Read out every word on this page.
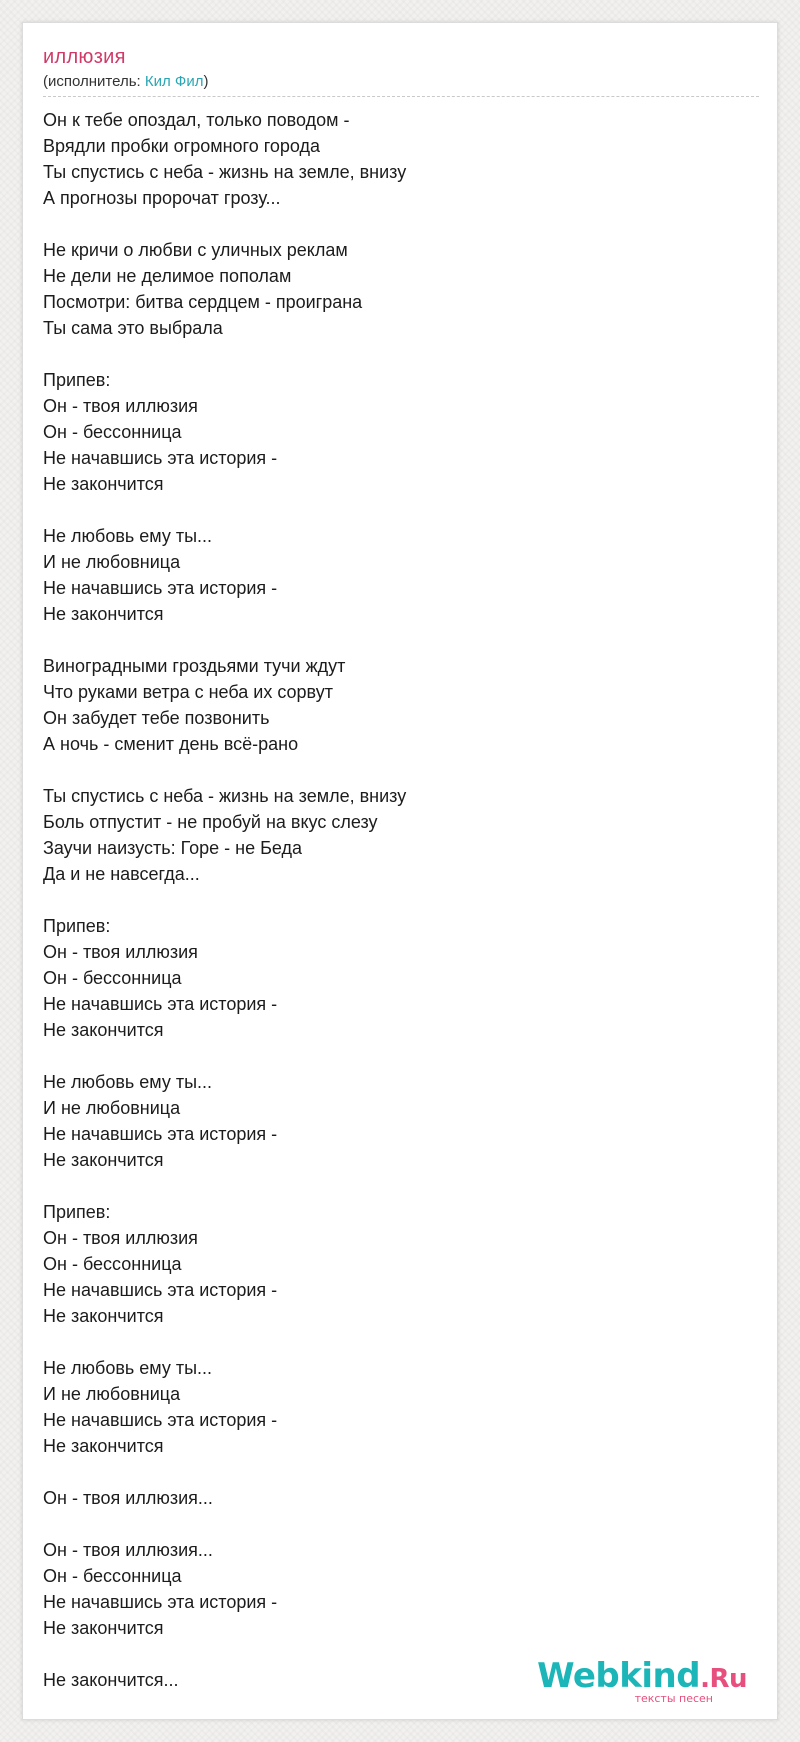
иллюзия
(исполнитель: Кил Фил)
Он к тебе опоздал, только поводом -
Врядли пробки огромного города
Ты спустись с неба - жизнь на земле, внизу
А прогнозы пророчат грозу...

Не кричи о любви с уличных реклам
Не дели не делимое пополам
Посмотри: битва сердцем - проиграна
Ты сама это выбрала

Припев:
Он - твоя иллюзия
Он - бессонница
Не начавшись эта история -
Не закончится

Не любовь ему ты...
И не любовница
Не начавшись эта история -
Не закончится

Виноградными гроздьями тучи ждут
Что руками ветра с неба их сорвут
Он забудет тебе позвонить
А ночь - сменит день всё-рано

Ты спустись с неба - жизнь на земле, внизу
Боль отпустит - не пробуй на вкус слезу
Заучи наизусть: Горе - не Беда
Да и не навсегда...

Припев:
Он - твоя иллюзия
Он - бессонница
Не начавшись эта история -
Не закончится

Не любовь ему ты...
И не любовница
Не начавшись эта история -
Не закончится

Припев:
Он - твоя иллюзия
Он - бессонница
Не начавшись эта история -
Не закончится

Не любовь ему ты...
И не любовница
Не начавшись эта история -
Не закончится

Он - твоя иллюзия...

Он - твоя иллюзия...
Он - бессонница
Не начавшись эта история -
Не закончится

Не закончится...	Webkind.Ru
тексты песен
